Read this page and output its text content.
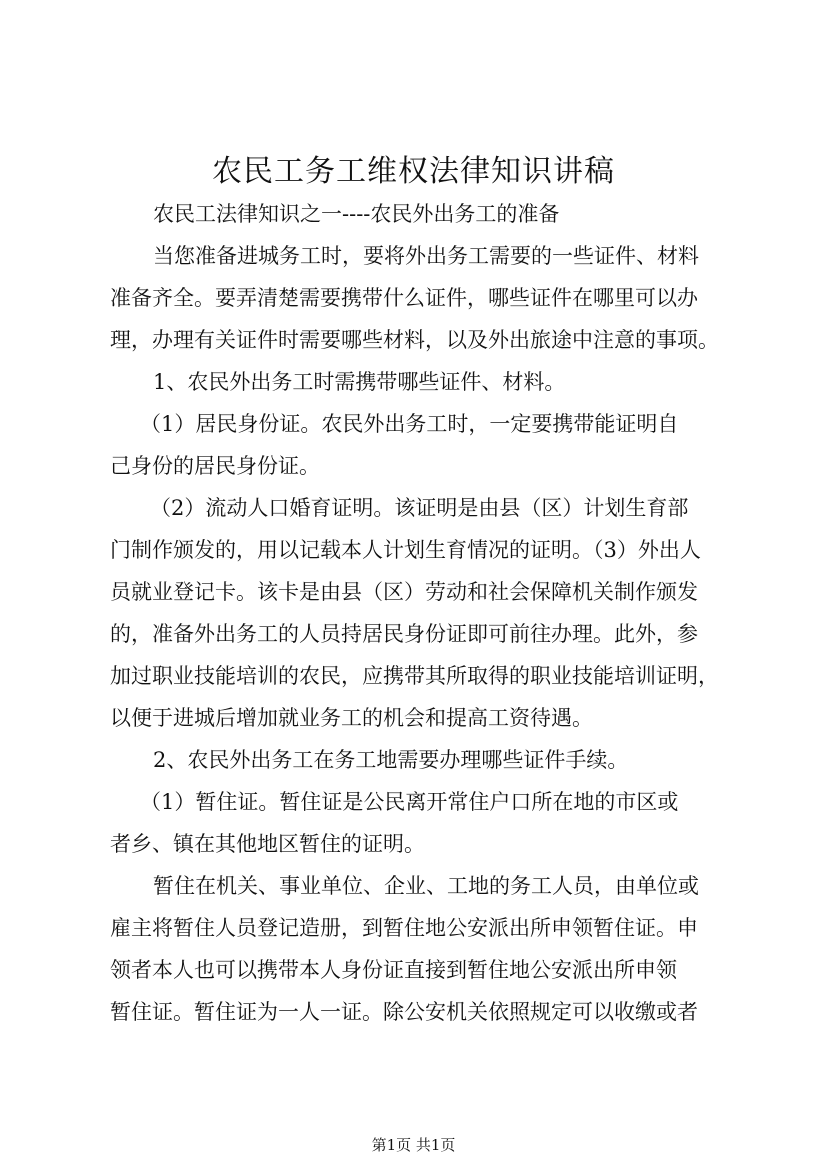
农民工务工维权法律知识讲稿
农民工法律知识之一----农民外出务工的准备
当您准备进城务工时，要将外出务工需要的一些证件、材料
准备齐全。要弄清楚需要携带什么证件，哪些证件在哪里可以办
理，办理有关证件时需要哪些材料，以及外出旅途中注意的事项。
1、农民外出务工时需携带哪些证件、材料。
（1）居民身份证。农民外出务工时，一定要携带能证明自
己身份的居民身份证。
（2）流动人口婚育证明。该证明是由县（区）计划生育部
门制作颁发的，用以记载本人计划生育情况的证明。（3）外出人
员就业登记卡。该卡是由县（区）劳动和社会保障机关制作颁发
的，准备外出务工的人员持居民身份证即可前往办理。此外，参
加过职业技能培训的农民，应携带其所取得的职业技能培训证明，
以便于进城后增加就业务工的机会和提高工资待遇。
2、农民外出务工在务工地需要办理哪些证件手续。
（1）暂住证。暂住证是公民离开常住户口所在地的市区或
者乡、镇在其他地区暂住的证明。
暂住在机关、事业单位、企业、工地的务工人员，由单位或
雇主将暂住人员登记造册，到暂住地公安派出所申领暂住证。申
领者本人也可以携带本人身份证直接到暂住地公安派出所申领
暂住证。暂住证为一人一证。除公安机关依照规定可以收缴或者
第1页 共1页
